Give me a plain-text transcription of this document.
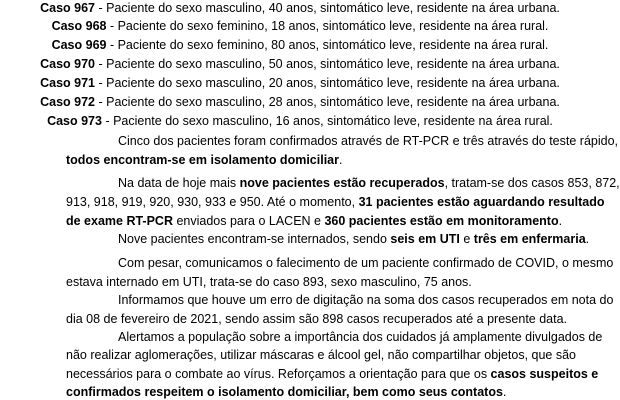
Caso 967 - Paciente do sexo masculino, 40 anos, sintomático leve, residente na área urbana.
Caso 968 - Paciente do sexo feminino, 18 anos, sintomático leve, residente na área rural.
Caso 969 - Paciente do sexo feminino, 80 anos, sintomático leve, residente na área rural.
Caso 970 - Paciente do sexo masculino, 50 anos, sintomático leve, residente na área urbana.
Caso 971 - Paciente do sexo masculino, 20 anos, sintomático leve, residente na área urbana.
Caso 972 - Paciente do sexo masculino, 28 anos, sintomático leve, residente na área urbana.
Caso 973 - Paciente do sexo masculino, 16 anos, sintomático leve, residente na área rural.
Cinco dos pacientes foram confirmados através de RT-PCR e três através do teste rápido,
todos encontram-se em isolamento domiciliar.
Na data de hoje mais nove pacientes estão recuperados, tratam-se dos casos 853, 872,
913, 918, 919, 920, 930, 933 e 950. Até o momento, 31 pacientes estão aguardando resultado
de exame RT-PCR enviados para o LACEN e 360 pacientes estão em monitoramento.
Nove pacientes encontram-se internados, sendo seis em UTI e três em enfermaria.
Com pesar, comunicamos o falecimento de um paciente confirmado de COVID, o mesmo
estava internado em UTI, trata-se do caso 893, sexo masculino, 75 anos.
Informamos que houve um erro de digitação na soma dos casos recuperados em nota do
dia 08 de fevereiro de 2021, sendo assim são 898 casos recuperados até a presente data.
Alertamos a população sobre a importância dos cuidados já amplamente divulgados de
não realizar aglomerações, utilizar máscaras e álcool gel, não compartilhar objetos, que são
necessários para o combate ao vírus. Reforçamos a orientação para que os casos suspeitos e
confirmados respeitem o isolamento domiciliar, bem como seus contatos.
